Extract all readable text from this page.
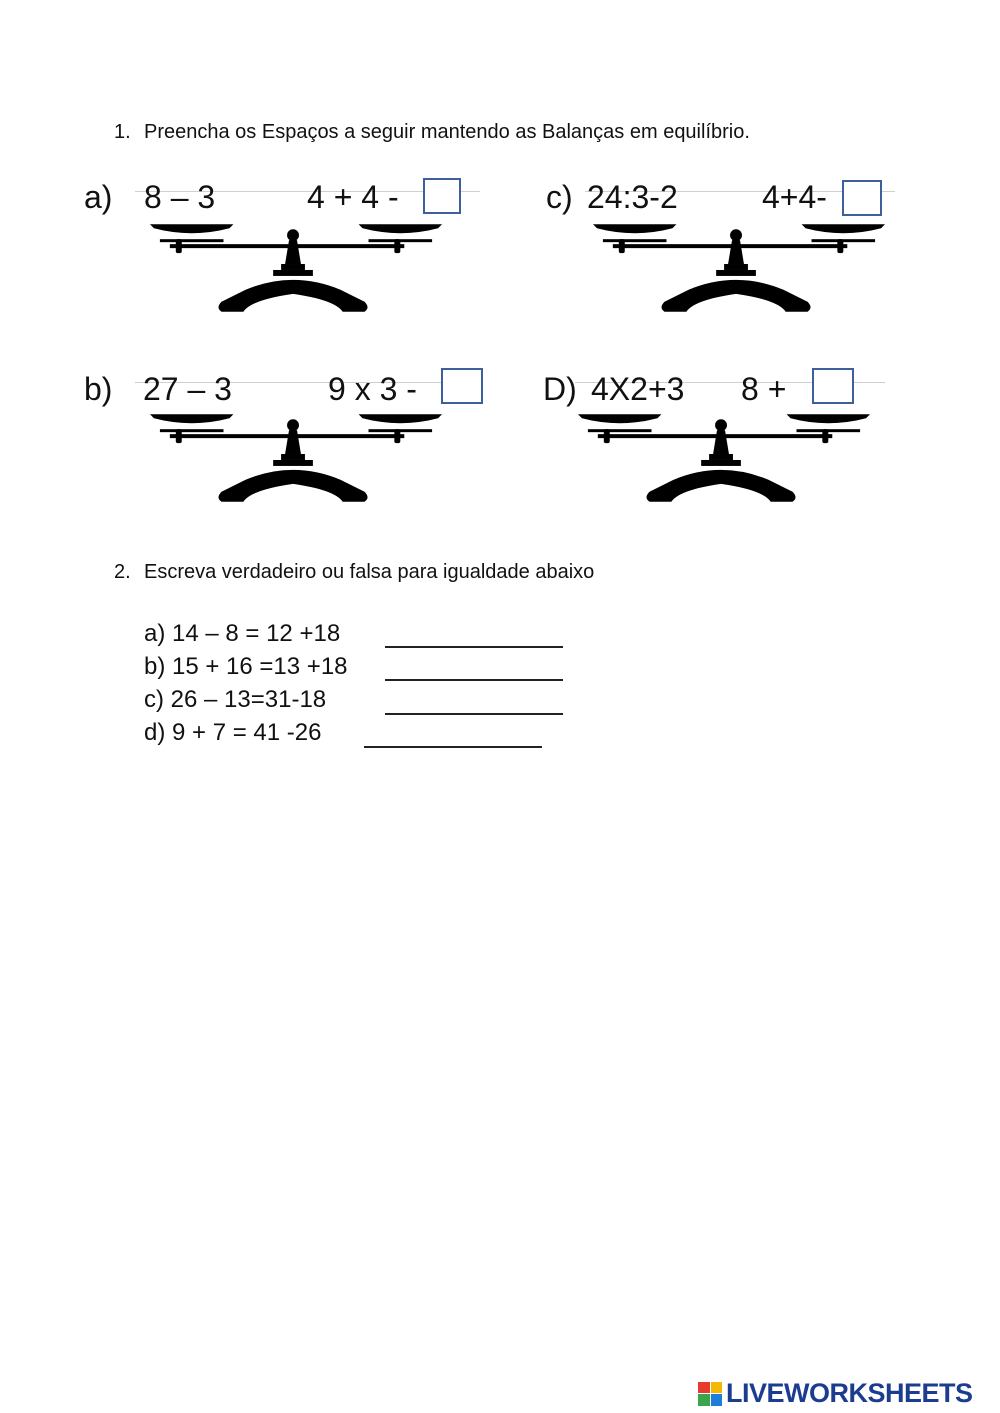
1. Preencha os Espaços a seguir mantendo as Balanças em equilíbrio.
a) 8 – 3	4 + 4 -	c) 24:3-2	4+4-
b) 27 – 3	9 x 3 -	D) 4X2+3 8 +
2. Escreva verdadeiro ou falsa para igualdade abaixo
a) 14 – 8 = 12 +18
b) 15 + 16 =13 +18
c) 26 – 13=31-18
d) 9 + 7 = 41 -26
LIVEWORKSHEETS
